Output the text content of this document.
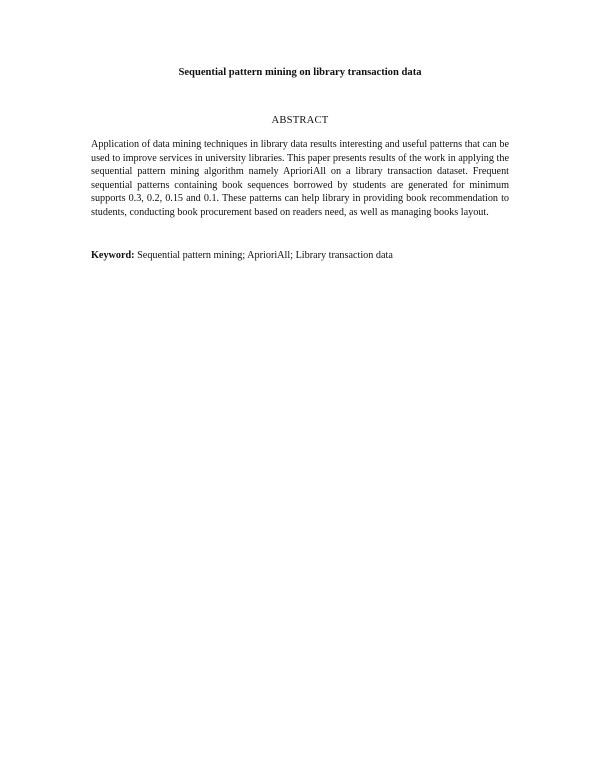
Sequential pattern mining on library transaction data
ABSTRACT

Application of data mining techniques in library data results interesting and useful patterns that can be used to improve services in university libraries. This paper presents results of the work in applying the sequential pattern mining algorithm namely AprioriAll on a library transaction dataset. Frequent sequential patterns containing book sequences borrowed by students are generated for minimum supports 0.3, 0.2, 0.15 and 0.1. These patterns can help library in providing book recommendation to students, conducting book procurement based on readers need, as well as managing books layout.

Keyword: Sequential pattern mining; AprioriAll; Library transaction data
